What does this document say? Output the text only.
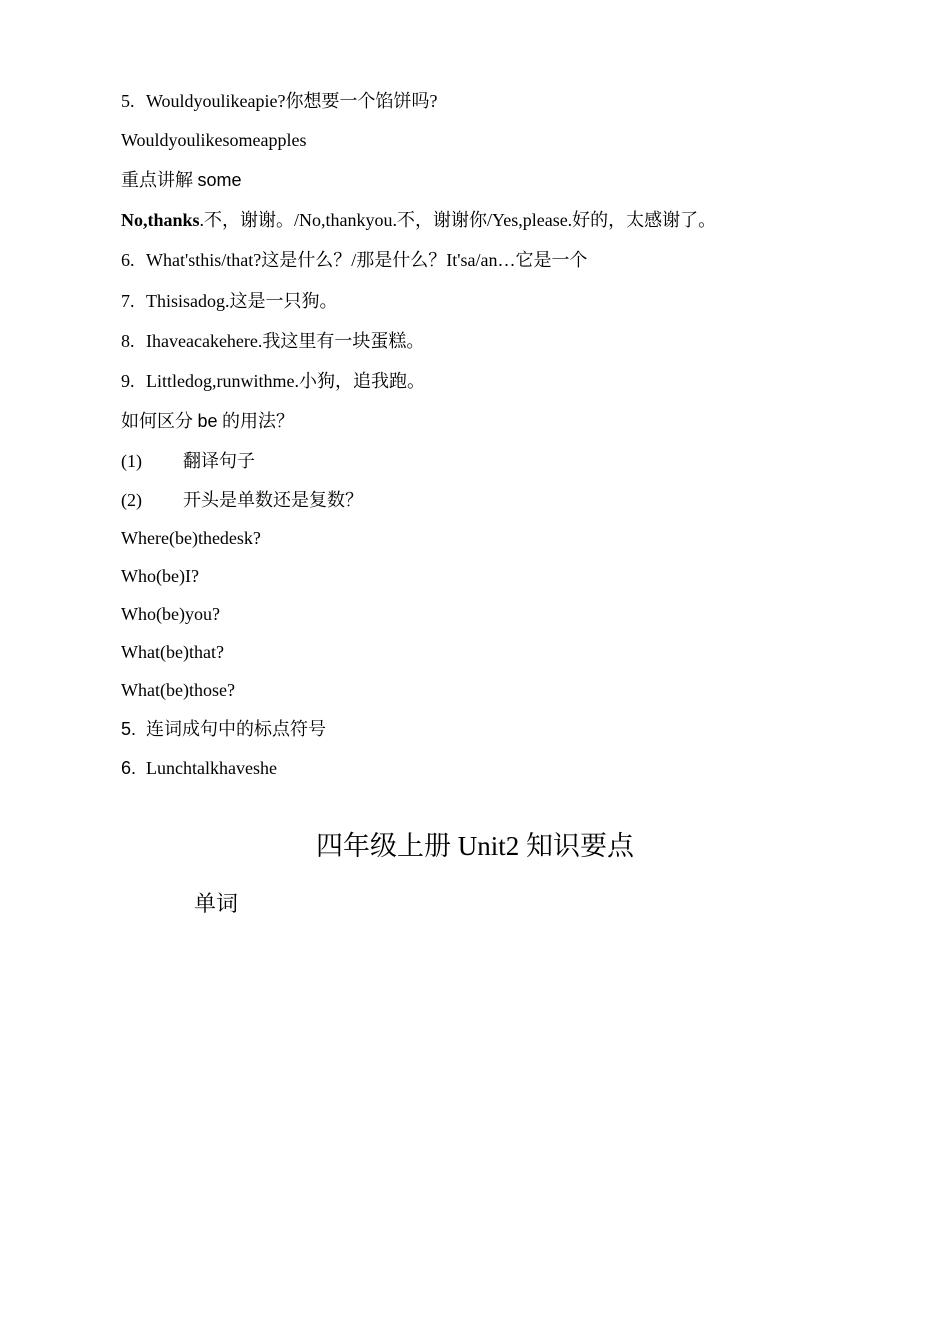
5. Wouldyoulikeapie?你想要一个馅饼吗?
Wouldyoulikesomeapples
重点讲解 some
No,thanks.不，谢谢。/No,thankyou.不，谢谢你/Yes,please.好的，太感谢了。
6. What'sthis/that?这是什么？/那是什么？It'sa/an…它是一个
7. Thisisadog.这是一只狗。
8. Ihaveacakehere.我这里有一块蛋糕。
9. Littledog,runwithme.小狗，追我跑。
如何区分 be 的用法？
(1) 翻译句子
(2) 开头是单数还是复数？
Where(be)thedesk?
Who(be)I?
Who(be)you?
What(be)that?
What(be)those?
5. 连词成句中的标点符号
6. Lunchtalkhaveshe
四年级上册 Unit2 知识要点
单词
